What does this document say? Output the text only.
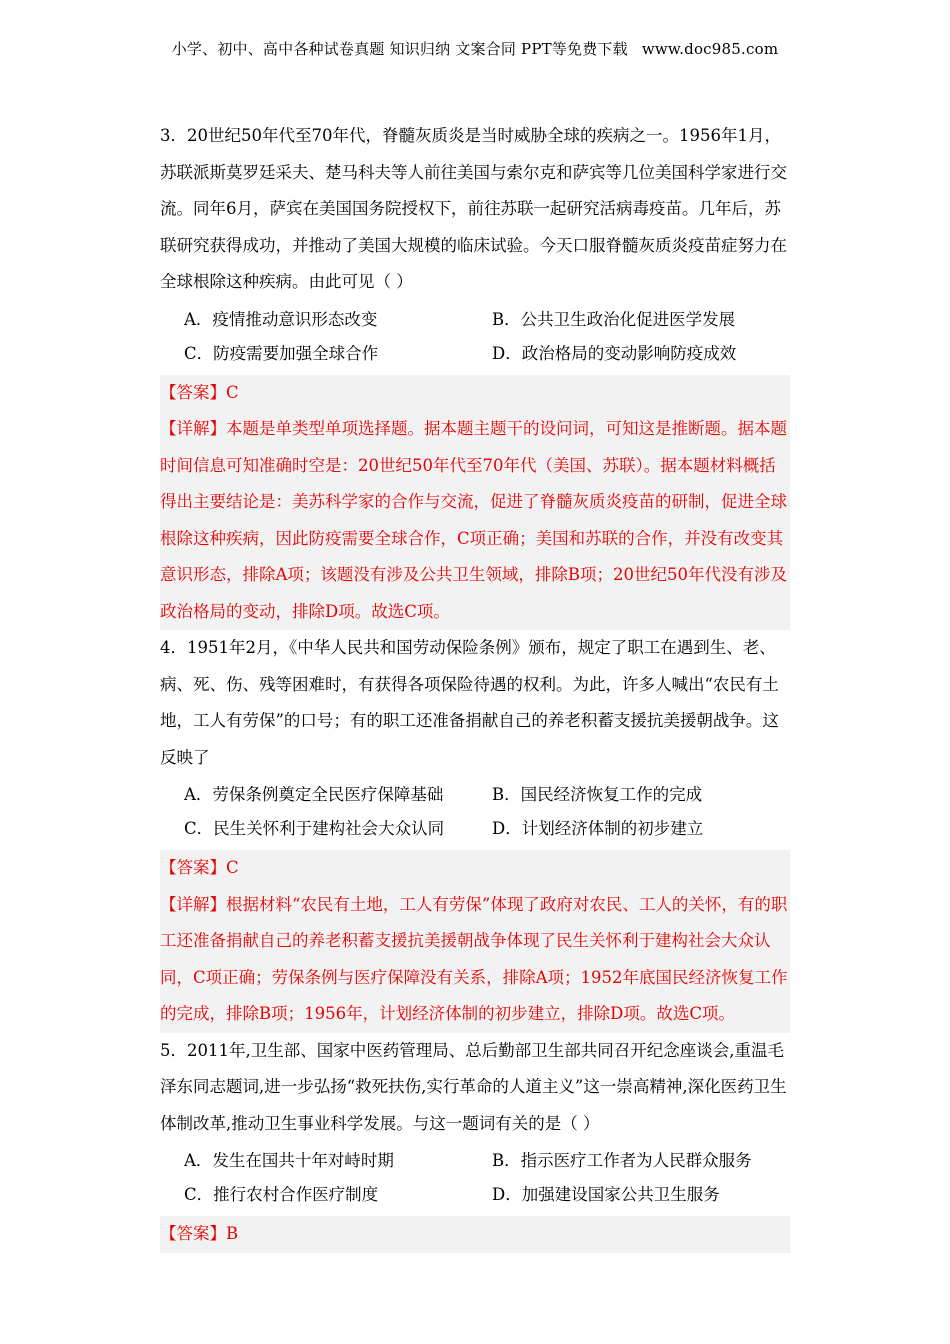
小学、初中、高中各种试卷真题 知识归纳 文案合同 PPT等免费下载 www.doc985.com

3．20世纪50年代至70年代，脊髓灰质炎是当时威胁全球的疾病之一。1956年1月，苏联派斯莫罗廷采夫、楚马科夫等人前往美国与索尔克和萨宾等几位美国科学家进行交流。同年6月，萨宾在美国国务院授权下，前往苏联一起研究活病毒疫苗。几年后，苏联研究获得成功，并推动了美国大规模的临床试验。今天口服脊髓灰质炎疫苗症努力在全球根除这种疾病。由此可见（ ）

A．疫情推动意识形态改变	B．公共卫生政治化促进医学发展
C．防疫需要加强全球合作	D．政治格局的变动影响防疫成效

【答案】C

【详解】本题是单类型单项选择题。据本题主题干的设问词，可知这是推断题。据本题时间信息可知准确时空是：20世纪50年代至70年代（美国、苏联）。据本题材料概括得出主要结论是：美苏科学家的合作与交流，促进了脊髓灰质炎疫苗的研制，促进全球根除这种疾病，因此防疫需要全球合作，C项正确；美国和苏联的合作，并没有改变其意识形态，排除A项；该题没有涉及公共卫生领域，排除B项；20世纪50年代没有涉及政治格局的变动，排除D项。故选C项。

4．1951年2月，《中华人民共和国劳动保险条例》颁布，规定了职工在遇到生、老、病、死、伤、残等困难时，有获得各项保险待遇的权利。为此，许多人喊出“农民有土地，工人有劳保”的口号；有的职工还准备捐献自己的养老积蓄支援抗美援朝战争。这反映了

A．劳保条例奠定全民医疗保障基础	B．国民经济恢复工作的完成
C．民生关怀利于建构社会大众认同	D．计划经济体制的初步建立

【答案】C

【详解】根据材料“农民有土地，工人有劳保”体现了政府对农民、工人的关怀，有的职工还准备捐献自己的养老积蓄支援抗美援朝战争体现了民生关怀利于建构社会大众认同，C项正确；劳保条例与医疗保障没有关系，排除A项；1952年底国民经济恢复工作的完成，排除B项；1956年，计划经济体制的初步建立，排除D项。故选C项。

5．2011年,卫生部、国家中医药管理局、总后勤部卫生部共同召开纪念座谈会,重温毛泽东同志题词,进一步弘扬“救死扶伤,实行革命的人道主义”这一崇高精神,深化医药卫生体制改革,推动卫生事业科学发展。与这一题词有关的是（ ）

A．发生在国共十年对峙时期	B．指示医疗工作者为人民群众服务
C．推行农村合作医疗制度	D．加强建设国家公共卫生服务

【答案】B
